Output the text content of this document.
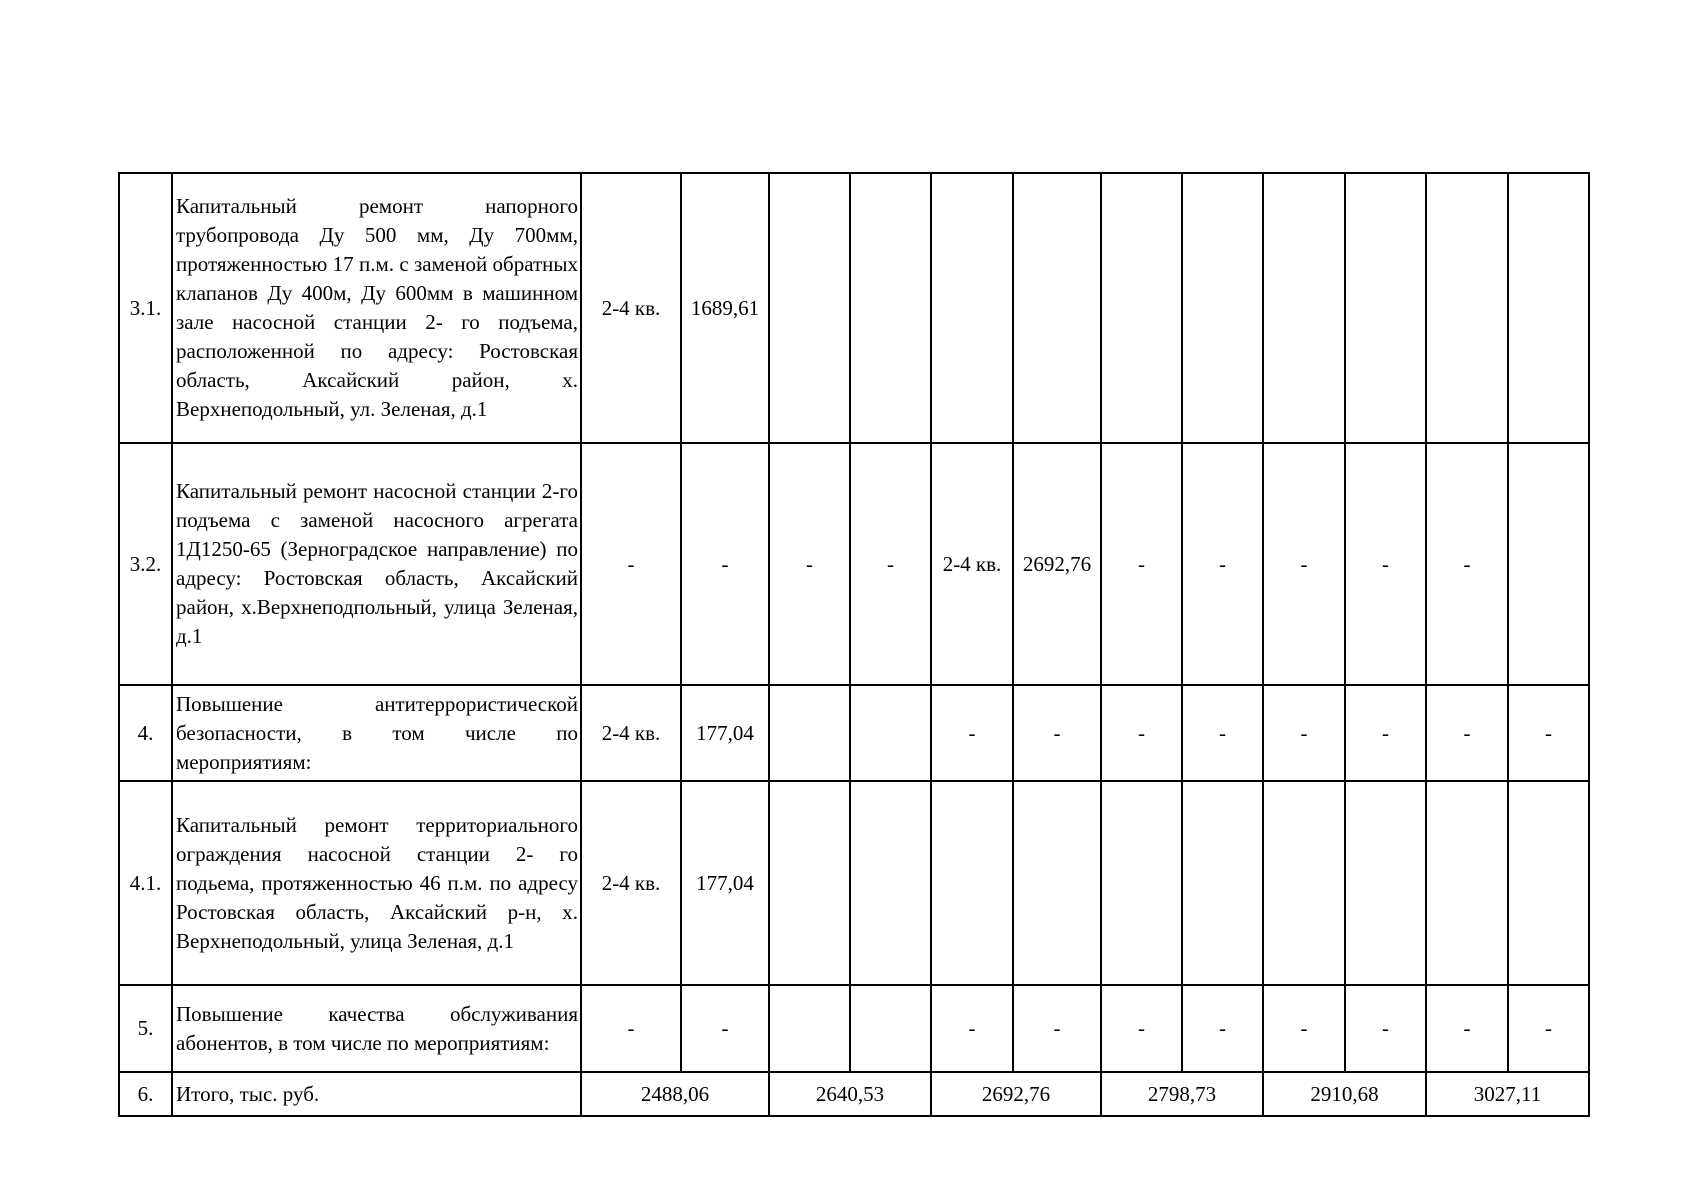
3.1.	Капитальный ремонт напорного трубопровода Ду 500 мм, Ду 700мм, протяженностью 17 п.м. с заменой обратных клапанов Ду 400м, Ду 600мм в машинном зале насосной станции 2- го подъема, расположенной по адресу: Ростовская область, Аксайский район, х. Верхнеподольный, ул. Зеленая, д.1	2-4 кв.	1689,61										
3.2.	Капитальный ремонт насосной станции 2-го подъема с заменой насосного агрегата 1Д1250-65 (Зерноградское направление) по адресу: Ростовская область, Аксайский район, х.Верхнеподпольный, улица Зеленая, д.1	-	-	-	-	2-4 кв.	2692,76	-	-	-	-	-	
4.	Повышение антитеррористической безопасности, в том числе по мероприятиям:	2-4 кв.	177,04			-	-	-	-	-	-	-	-
4.1.	Капитальный ремонт территориального ограждения насосной станции 2- го подьема, протяженностью 46 п.м. по адресу Ростовская область, Аксайский р-н, х. Верхнеподольный, улица Зеленая, д.1	2-4 кв.	177,04										
5.	Повышение качества обслуживания абонентов, в том числе по мероприятиям:	-	-			-	-	-	-	-	-	-	-
6.	Итого, тыс. руб.	2488,06		2640,53		2692,76		2798,73		2910,68		3027,11	
